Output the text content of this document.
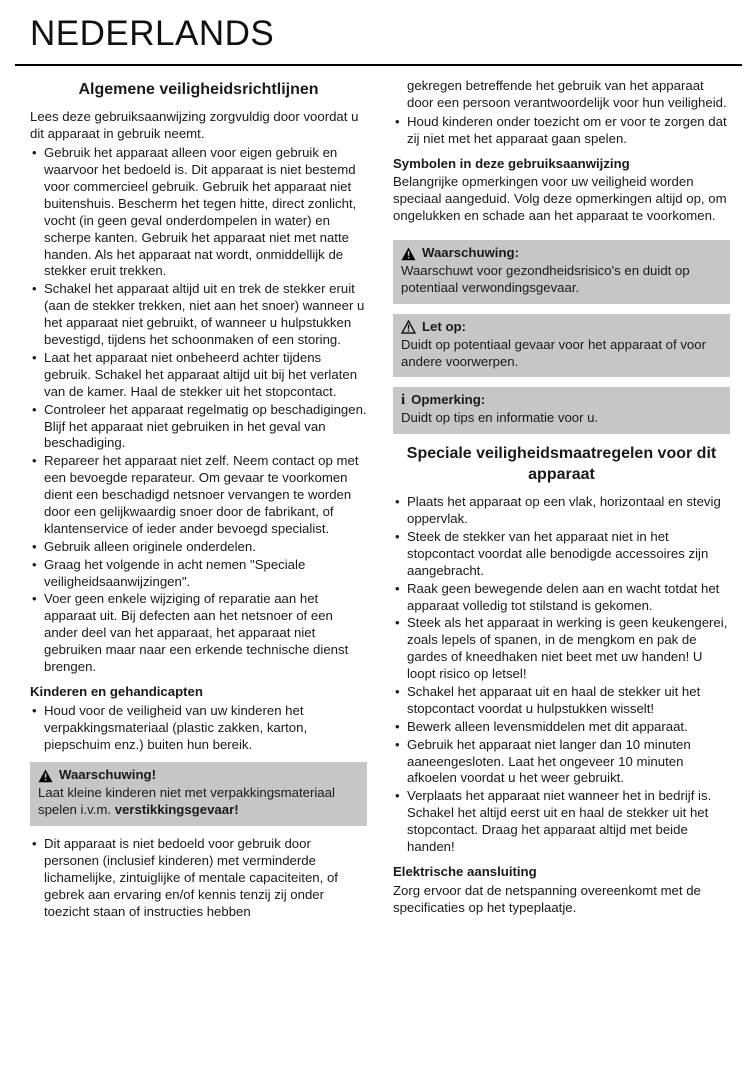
NEDERLANDS
Algemene veiligheidsrichtlijnen

Lees deze gebruiksaanwijzing zorgvuldig door voordat u dit apparaat in gebruik neemt.

• Gebruik het apparaat alleen voor eigen gebruik en waarvoor het bedoeld is. Dit apparaat is niet bestemd voor commercieel gebruik. Gebruik het apparaat niet buitenshuis. Bescherm het tegen hitte, direct zonlicht, vocht (in geen geval onderdompelen in water) en scherpe kanten. Gebruik het apparaat niet met natte handen. Als het apparaat nat wordt, onmiddellijk de stekker eruit trekken.
• Schakel het apparaat altijd uit en trek de stekker eruit (aan de stekker trekken, niet aan het snoer) wanneer u het apparaat niet gebruikt, of wanneer u hulpstukken bevestigd, tijdens het schoonmaken of een storing.
• Laat het apparaat niet onbeheerd achter tijdens gebruik. Schakel het apparaat altijd uit bij het verlaten van de kamer. Haal de stekker uit het stopcontact.
• Controleer het apparaat regelmatig op beschadigingen. Blijf het apparaat niet gebruiken in het geval van beschadiging.
• Repareer het apparaat niet zelf. Neem contact op met een bevoegde reparateur. Om gevaar te voorkomen dient een beschadigd netsnoer vervangen te worden door een gelijkwaardig snoer door de fabrikant, of klantenservice of ieder ander bevoegd specialist.
• Gebruik alleen originele onderdelen.
• Graag het volgende in acht nemen "Speciale veiligheidsaanwijzingen".
• Voer geen enkele wijziging of reparatie aan het apparaat uit. Bij defecten aan het netsnoer of een ander deel van het apparaat, het apparaat niet gebruiken maar naar een erkende technische dienst brengen.
Kinderen en gehandicapten
• Houd voor de veiligheid van uw kinderen het verpakkingsmateriaal (plastic zakken, karton, piepschuim enz.) buiten hun bereik.
Waarschuwing!

Laat kleine kinderen niet met verpakkingsmateriaal spelen i.v.m. verstikkingsgevaar!

• Dit apparaat is niet bedoeld voor gebruik door personen (inclusief kinderen) met verminderde lichamelijke, zintuiglijke of mentale capaciteiten, of gebrek aan ervaring en/of kennis tenzij zij onder toezicht staan of instructies hebben

gekregen betreffende het gebruik van het apparaat door een persoon verantwoordelijk voor hun veiligheid.

• Houd kinderen onder toezicht om er voor te zorgen dat zij niet met het apparaat gaan spelen.
Symbolen in deze gebruiksaanwijzing

Belangrijke opmerkingen voor uw veiligheid worden speciaal aangeduid. Volg deze opmerkingen altijd op, om ongelukken en schade aan het apparaat te voorkomen.

Waarschuwing:

Waarschuwt voor gezondheidsrisico's en duidt op potentiaal verwondingsgevaar.

Let op:

Duidt op potentiaal gevaar voor het apparaat of voor andere voorwerpen.

i Opmerking:

Duidt op tips en informatie voor u.

Speciale veiligheidsmaatregelen voor dit apparaat
• Plaats het apparaat op een vlak, horizontaal en stevig oppervlak.
• Steek de stekker van het apparaat niet in het stopcontact voordat alle benodigde accessoires zijn aangebracht.
• Raak geen bewegende delen aan en wacht totdat het apparaat volledig tot stilstand is gekomen.
• Steek als het apparaat in werking is geen keukengerei, zoals lepels of spanen, in de mengkom en pak de gardes of kneedhaken niet beet met uw handen! U loopt risico op letsel!
• Schakel het apparaat uit en haal de stekker uit het stopcontact voordat u hulpstukken wisselt!
• Bewerk alleen levensmiddelen met dit apparaat.
• Gebruik het apparaat niet langer dan 10 minuten aaneengesloten. Laat het ongeveer 10 minuten afkoelen voordat u het weer gebruikt.
• Verplaats het apparaat niet wanneer het in bedrijf is. Schakel het altijd eerst uit en haal de stekker uit het stopcontact. Draag het apparaat altijd met beide handen!
Elektrische aansluiting

Zorg ervoor dat de netspanning overeenkomt met de specificaties op het typeplaatje.
